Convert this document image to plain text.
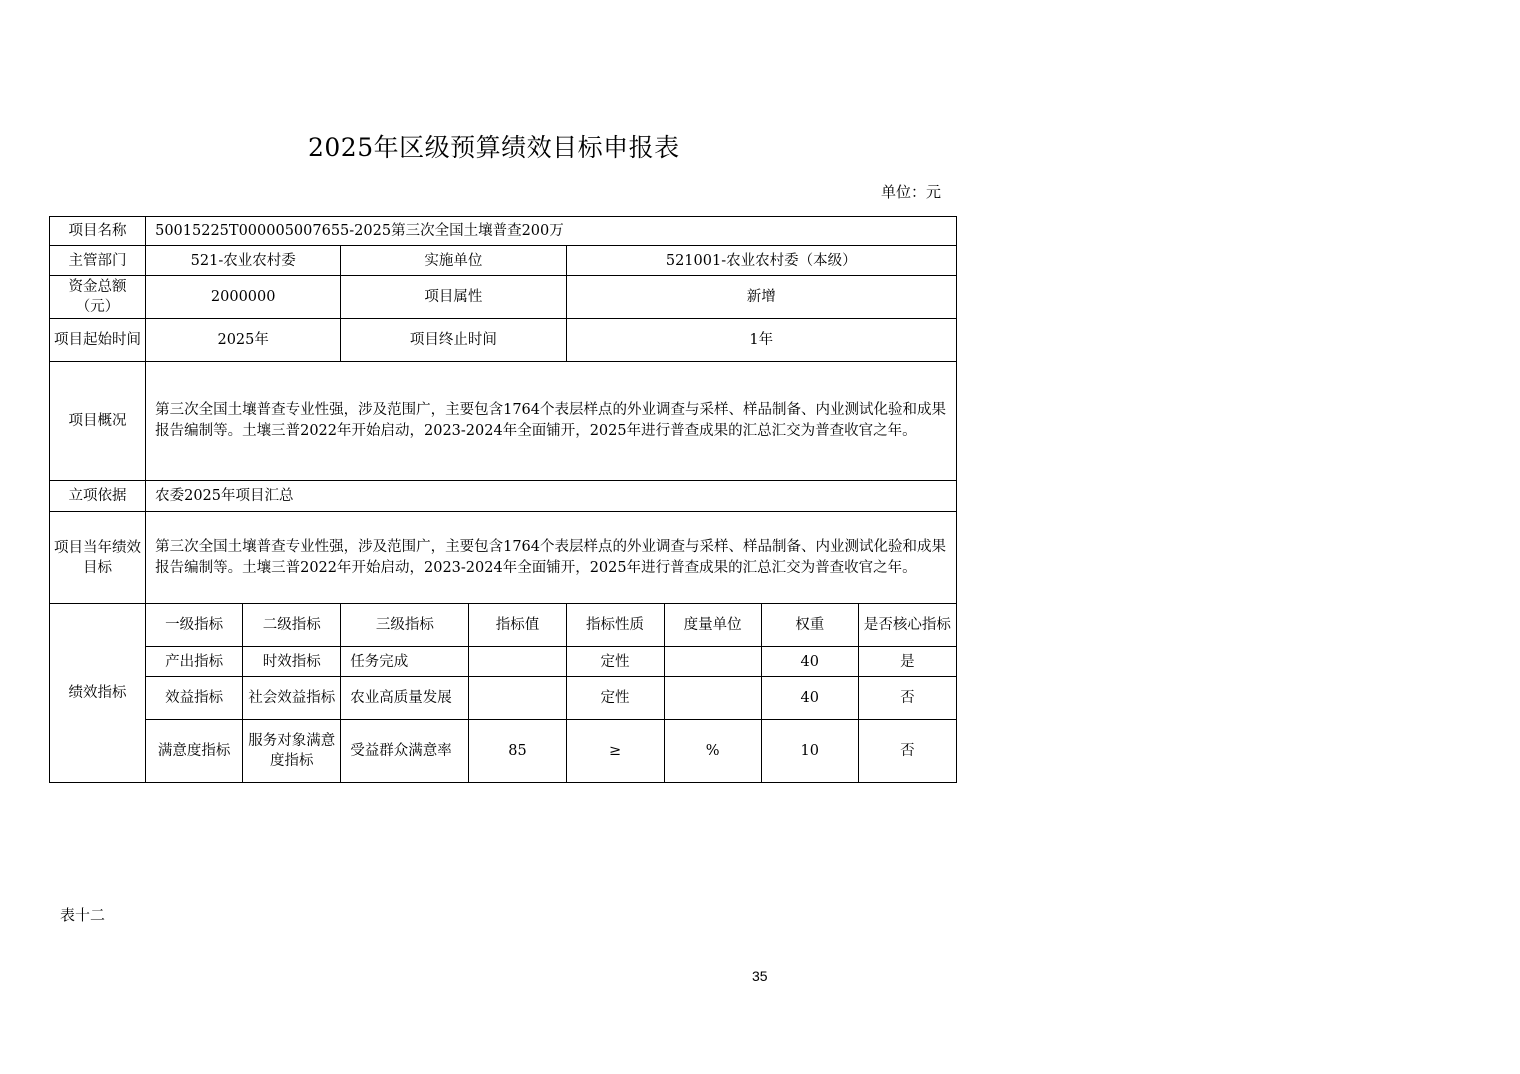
2025年区级预算绩效目标申报表
单位：元
项目名称	50015225T000005007655-2025第三次全国土壤普查200万							
主管部门	521-农业农村委		实施单位		521001-农业农村委（本级）			
资金总额（元）	2000000		项目属性		新增			
项目起始时间	2025年		项目终止时间		1年			
项目概况	第三次全国土壤普查专业性强，涉及范围广，主要包含1764个表层样点的外业调查与采样、样品制备、内业测试化验和成果报告编制等。土壤三普2022年开始启动，2023-2024年全面铺开，2025年进行普查成果的汇总汇交为普查收官之年。							
立项依据	农委2025年项目汇总							
项目当年绩效目标	第三次全国土壤普查专业性强，涉及范围广，主要包含1764个表层样点的外业调查与采样、样品制备、内业测试化验和成果报告编制等。土壤三普2022年开始启动，2023-2024年全面铺开，2025年进行普查成果的汇总汇交为普查收官之年。							
绩效指标	一级指标	二级指标	三级指标	指标值	指标性质	度量单位	权重	是否核心指标
	产出指标	时效指标	任务完成		定性		40	是
	效益指标	社会效益指标	农业高质量发展		定性		40	否
	满意度指标	服务对象满意度指标	受益群众满意率	85	≥	%	10	否
表十二
35
